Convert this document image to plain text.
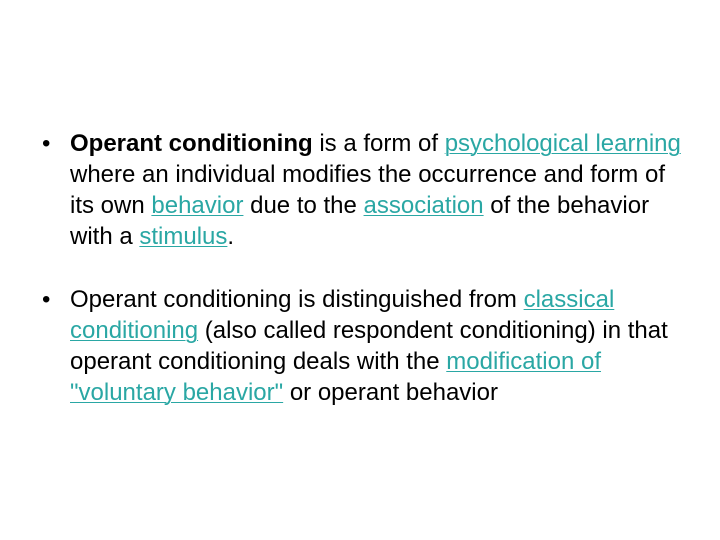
• Operant conditioning is a form of psychological learning where an individual modifies the occurrence and form of its own behavior due to the association of the behavior with a stimulus.
• Operant conditioning is distinguished from classical conditioning (also called respondent conditioning) in that operant conditioning deals with the modification of "voluntary behavior" or operant behavior
